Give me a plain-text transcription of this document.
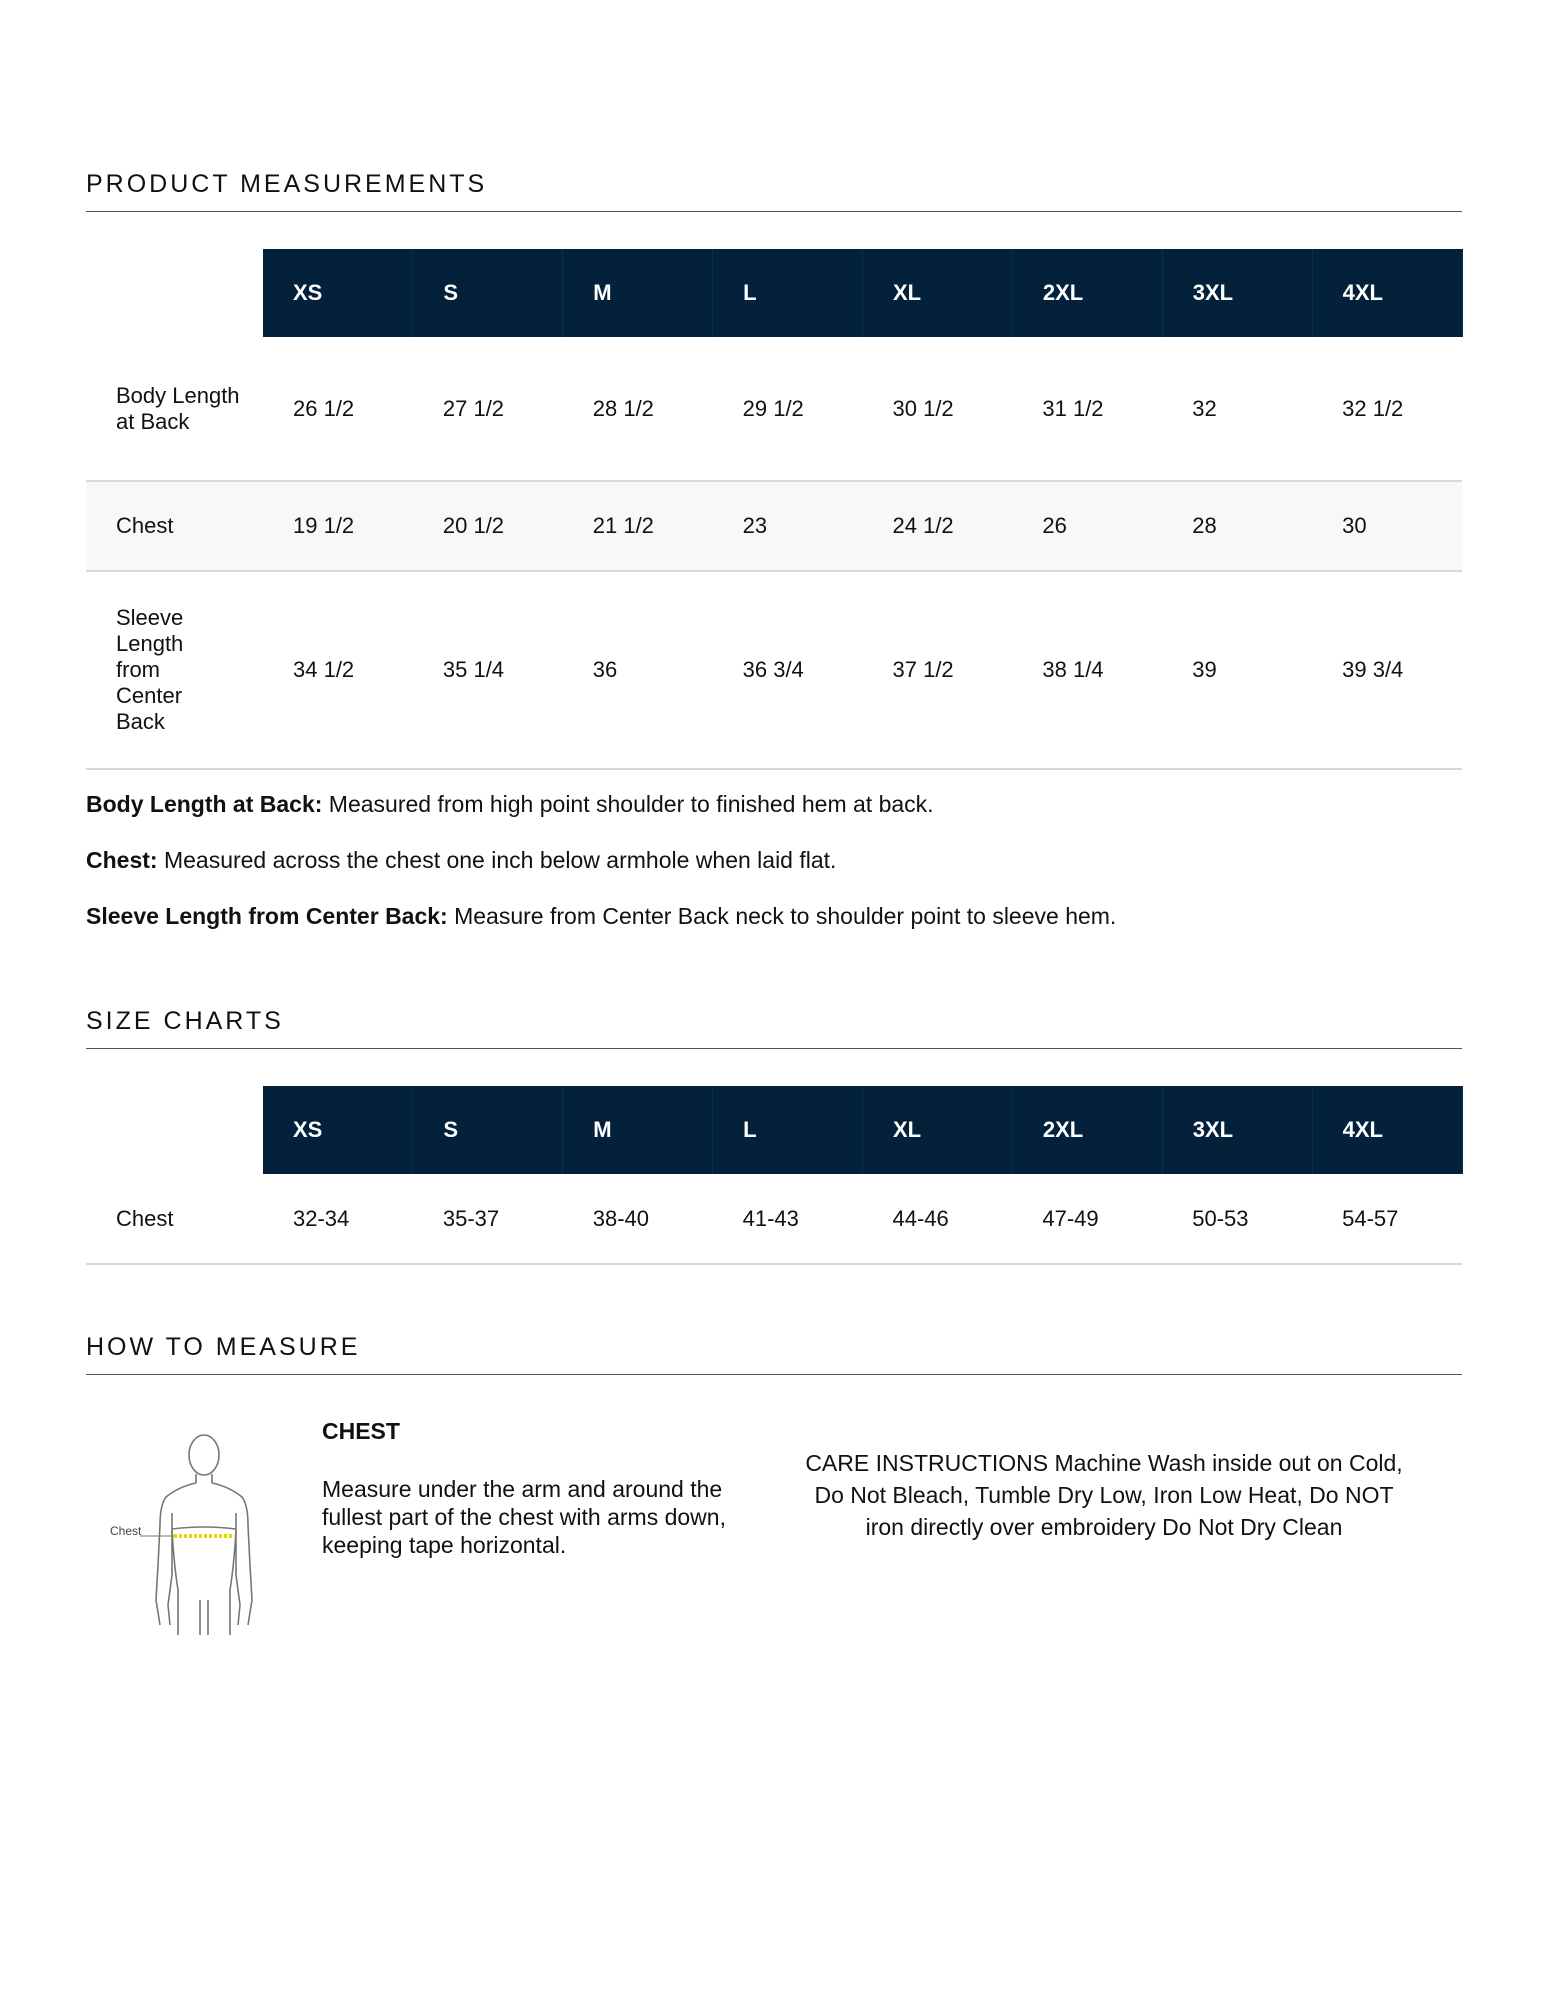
PRODUCT MEASUREMENTS
	XS	S	M	L	XL	2XL	3XL	4XL
Body Length at Back	26 1/2	27 1/2	28 1/2	29 1/2	30 1/2	31 1/2	32	32 1/2
Chest	19 1/2	20 1/2	21 1/2	23	24 1/2	26	28	30
Sleeve Length from Center Back	34 1/2	35 1/4	36	36 3/4	37 1/2	38 1/4	39	39 3/4

Body Length at Back: Measured from high point shoulder to finished hem at back.

Chest: Measured across the chest one inch below armhole when laid flat.

Sleeve Length from Center Back: Measure from Center Back neck to shoulder point to sleeve hem.

SIZE CHARTS
	XS	S	M	L	XL	2XL	3XL	4XL
Chest	32-34	35-37	38-40	41-43	44-46	47-49	50-53	54-57
HOW TO MEASURE
Chest

CHEST

Measure under the arm and around the fullest part of the chest with arms down, keeping tape horizontal.

CARE INSTRUCTIONS Machine Wash inside out on Cold, Do Not Bleach, Tumble Dry Low, Iron Low Heat, Do NOT iron directly over embroidery Do Not Dry Clean
